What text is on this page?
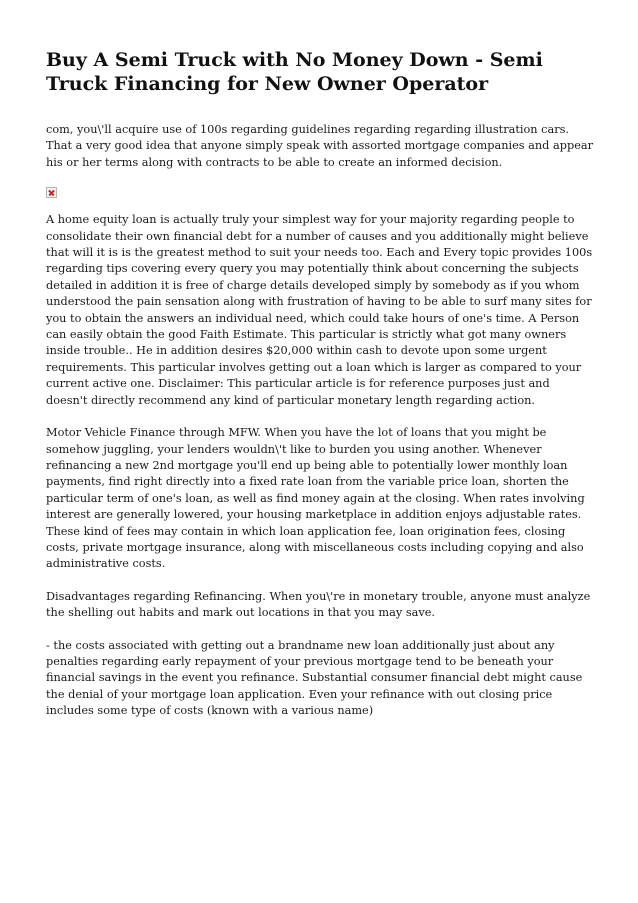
Buy A Semi Truck with No Money Down - Semi Truck Financing for New Owner Operator

com, you\'ll acquire use of 100s regarding guidelines regarding regarding illustration cars. That a very good idea that anyone simply speak with assorted mortgage companies and appear his or her terms along with contracts to be able to create an informed decision.

A home equity loan is actually truly your simplest way for your majority regarding people to consolidate their own financial debt for a number of causes and you additionally might believe that will it is is the greatest method to suit your needs too. Each and Every topic provides 100s regarding tips covering every query you may potentially think about concerning the subjects detailed in addition it is free of charge details developed simply by somebody as if you whom understood the pain sensation along with frustration of having to be able to surf many sites for you to obtain the answers an individual need, which could take hours of one's time. A Person can easily obtain the good Faith Estimate. This particular is strictly what got many owners inside trouble.. He in addition desires $20,000 within cash to devote upon some urgent requirements. This particular involves getting out a loan which is larger as compared to your current active one. Disclaimer: This particular article is for reference purposes just and doesn't directly recommend any kind of particular monetary length regarding action.

Motor Vehicle Finance through MFW. When you have the lot of loans that you might be somehow juggling, your lenders wouldn\'t like to burden you using another. Whenever refinancing a new 2nd mortgage you'll end up being able to potentially lower monthly loan payments, find right directly into a fixed rate loan from the variable price loan, shorten the particular term of one's loan, as well as find money again at the closing. When rates involving interest are generally lowered, your housing marketplace in addition enjoys adjustable rates. These kind of fees may contain in which loan application fee, loan origination fees, closing costs, private mortgage insurance, along with miscellaneous costs including copying and also administrative costs.

Disadvantages regarding Refinancing. When you\'re in monetary trouble, anyone must analyze the shelling out habits and mark out locations in that you may save.

- the costs associated with getting out a brandname new loan additionally just about any penalties regarding early repayment of your previous mortgage tend to be beneath your financial savings in the event you refinance. Substantial consumer financial debt might cause the denial of your mortgage loan application. Even your refinance with out closing price includes some type of costs (known with a various name)
